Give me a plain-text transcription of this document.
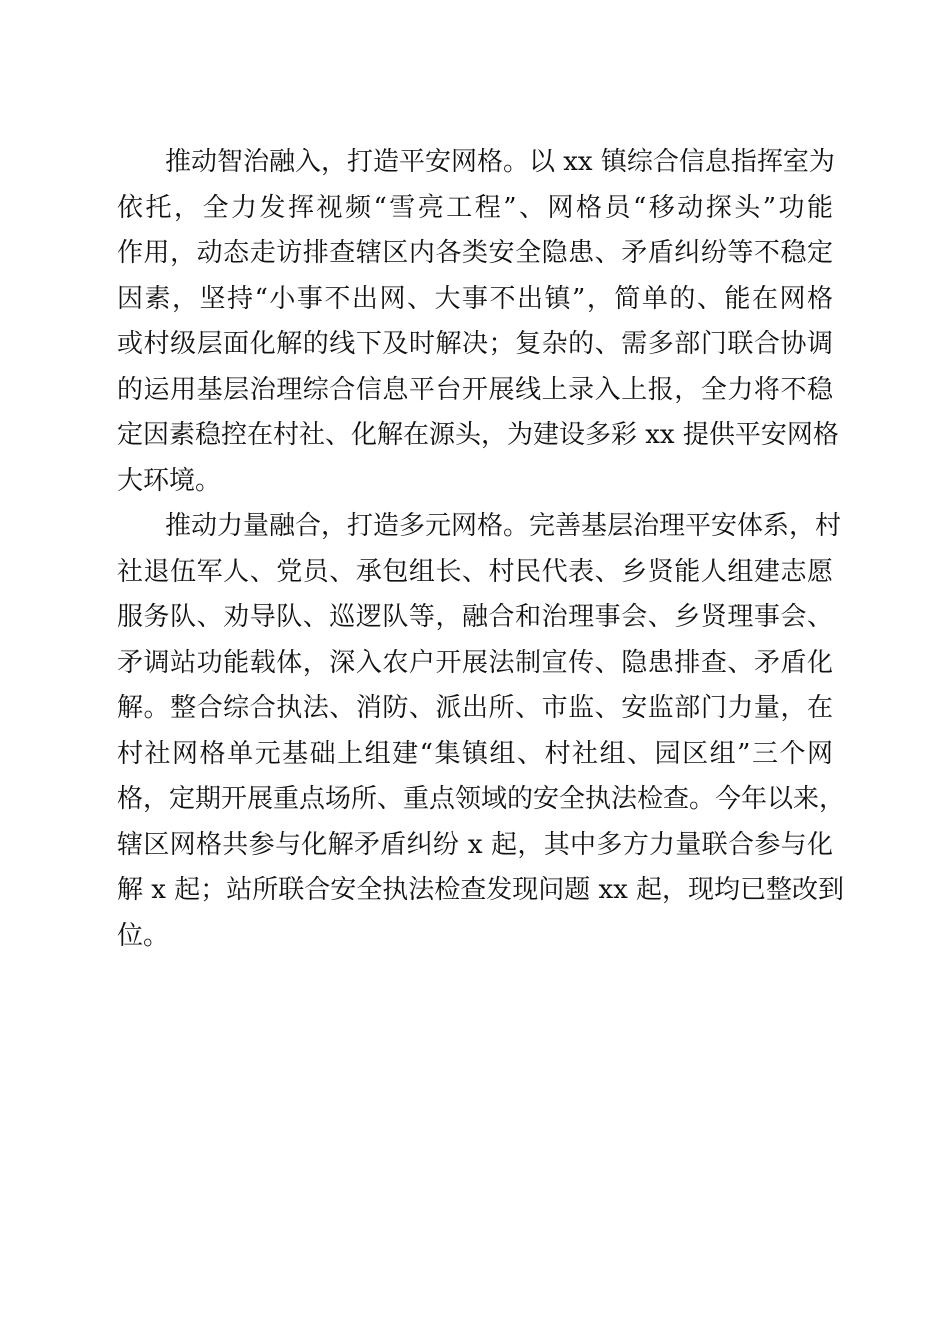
推动智治融入，打造平安网格。以 xx 镇综合信息指挥室为
依托，全力发挥视频“雪亮工程”、网格员“移动探头”功能
作用，动态走访排查辖区内各类安全隐患、矛盾纠纷等不稳定
因素，坚持“小事不出网、大事不出镇”，简单的、能在网格
或村级层面化解的线下及时解决；复杂的、需多部门联合协调
的运用基层治理综合信息平台开展线上录入上报，全力将不稳
定因素稳控在村社、化解在源头，为建设多彩 xx 提供平安网格
大环境。
推动力量融合，打造多元网格。完善基层治理平安体系，村
社退伍军人、党员、承包组长、村民代表、乡贤能人组建志愿
服务队、劝导队、巡逻队等，融合和治理事会、乡贤理事会、
矛调站功能载体，深入农户开展法制宣传、隐患排查、矛盾化
解。整合综合执法、消防、派出所、市监、安监部门力量，在
村社网格单元基础上组建“集镇组、村社组、园区组”三个网
格，定期开展重点场所、重点领域的安全执法检查。今年以来，
辖区网格共参与化解矛盾纠纷 x 起，其中多方力量联合参与化
解 x 起；站所联合安全执法检查发现问题 xx 起，现均已整改到
位。
